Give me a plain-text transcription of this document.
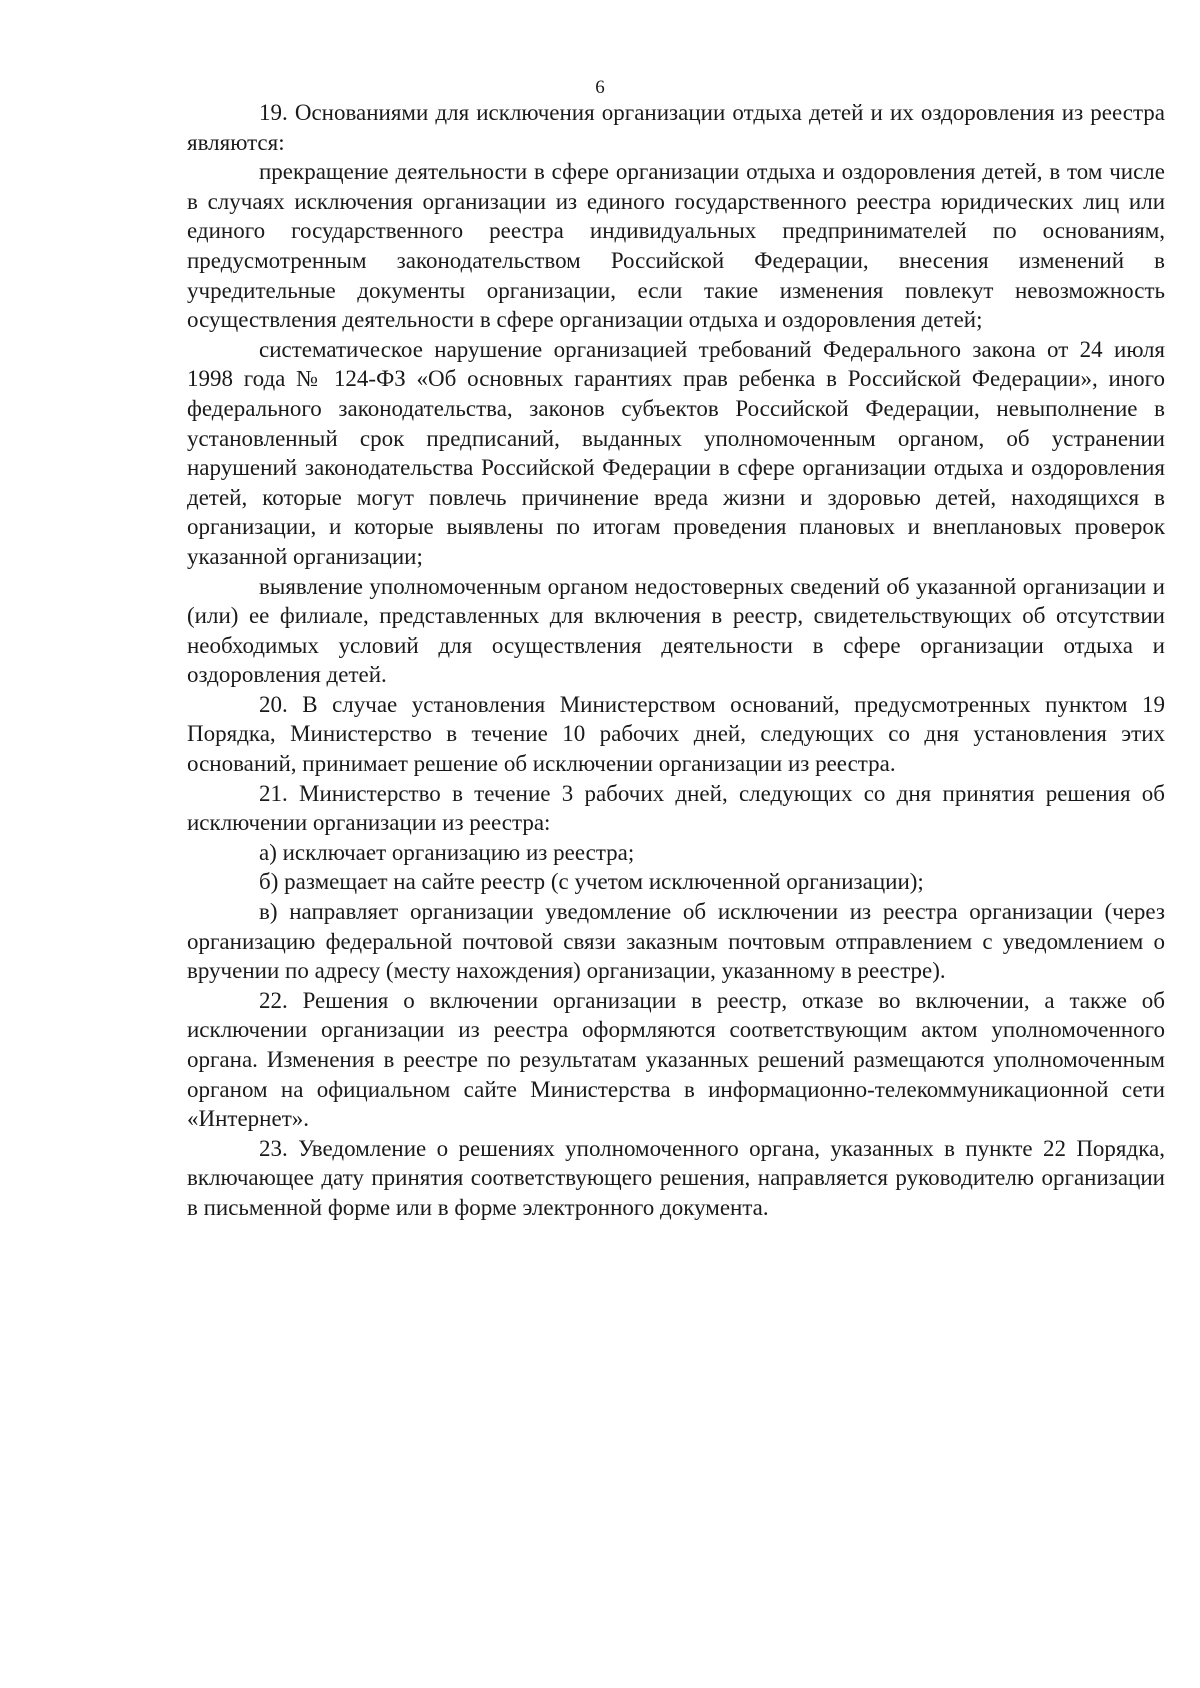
6

19. Основаниями для исключения организации отдыха детей и их оздоровления из реестра являются:

прекращение деятельности в сфере организации отдыха и оздоровления детей, в том числе в случаях исключения организации из единого государственного реестра юридических лиц или единого государственного реестра индивидуальных предпринимателей по основаниям, предусмотренным законодательством Российской Федерации, внесения изменений в учредительные документы организации, если такие изменения повлекут невозможность осуществления деятельности в сфере организации отдыха и оздоровления детей;

систематическое нарушение организацией требований Федерального закона от 24 июля 1998 года № 124-ФЗ «Об основных гарантиях прав ребенка в Российской Федерации», иного федерального законодательства, законов субъектов Российской Федерации, невыполнение в установленный срок предписаний, выданных уполномоченным органом, об устранении нарушений законодательства Российской Федерации в сфере организации отдыха и оздоровления детей, которые могут повлечь причинение вреда жизни и здоровью детей, находящихся в организации, и которые выявлены по итогам проведения плановых и внеплановых проверок указанной организации;

выявление уполномоченным органом недостоверных сведений об указанной организации и (или) ее филиале, представленных для включения в реестр, свидетельствующих об отсутствии необходимых условий для осуществления деятельности в сфере организации отдыха и оздоровления детей.

20. В случае установления Министерством оснований, предусмотренных пунктом 19 Порядка, Министерство в течение 10 рабочих дней, следующих со дня установления этих оснований, принимает решение об исключении организации из реестра.

21. Министерство в течение 3 рабочих дней, следующих со дня принятия решения об исключении организации из реестра:

а) исключает организацию из реестра;

б) размещает на сайте реестр (с учетом исключенной организации);

в) направляет организации уведомление об исключении из реестра организации (через организацию федеральной почтовой связи заказным почтовым отправлением с уведомлением о вручении по адресу (месту нахождения) организации, указанному в реестре).

22. Решения о включении организации в реестр, отказе во включении, а также об исключении организации из реестра оформляются соответствующим актом уполномоченного органа. Изменения в реестре по результатам указанных решений размещаются уполномоченным органом на официальном сайте Министерства в информационно-телекоммуникационной сети «Интернет».

23. Уведомление о решениях уполномоченного органа, указанных в пункте 22 Порядка, включающее дату принятия соответствующего решения, направляется руководителю организации в письменной форме или в форме электронного документа.
